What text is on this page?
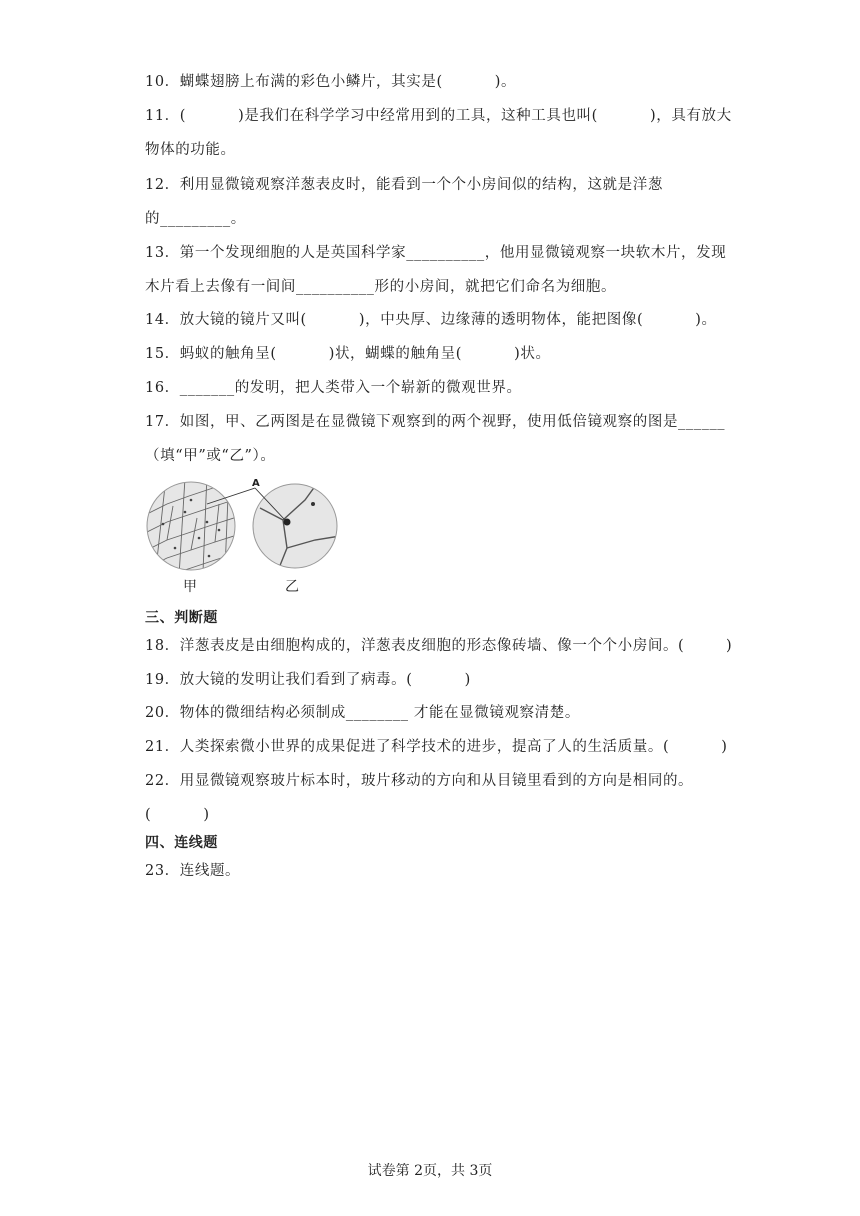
10．蝴蝶翅膀上布满的彩色小鳞片，其实是(          )。
11．(          )是我们在科学学习中经常用到的工具，这种工具也叫(          )，具有放大
物体的功能。
12．利用显微镜观察洋葱表皮时，能看到一个个小房间似的结构，这就是洋葱
的_________。
13．第一个发现细胞的人是英国科学家__________，他用显微镜观察一块软木片，发现
木片看上去像有一间间__________形的小房间，就把它们命名为细胞。
14．放大镜的镜片又叫(          )，中央厚、边缘薄的透明物体，能把图像(          )。
15．蚂蚁的触角呈(          )状，蝴蝶的触角呈(          )状。
16．_______的发明，把人类带入一个崭新的微观世界。
17．如图，甲、乙两图是在显微镜下观察到的两个视野，使用低倍镜观察的图是______
（填“甲”或“乙”）。
A
甲	乙
三、判断题
18．洋葱表皮是由细胞构成的，洋葱表皮细胞的形态像砖墙、像一个个小房间。(        )
19．放大镜的发明让我们看到了病毒。(          )
20．物体的微细结构必须制成________ 才能在显微镜观察清楚。
21．人类探索微小世界的成果促进了科学技术的进步，提高了人的生活质量。(          )
22．用显微镜观察玻片标本时，玻片移动的方向和从目镜里看到的方向是相同的。
(          )
四、连线题
23．连线题。
试卷第 2页，共 3页
